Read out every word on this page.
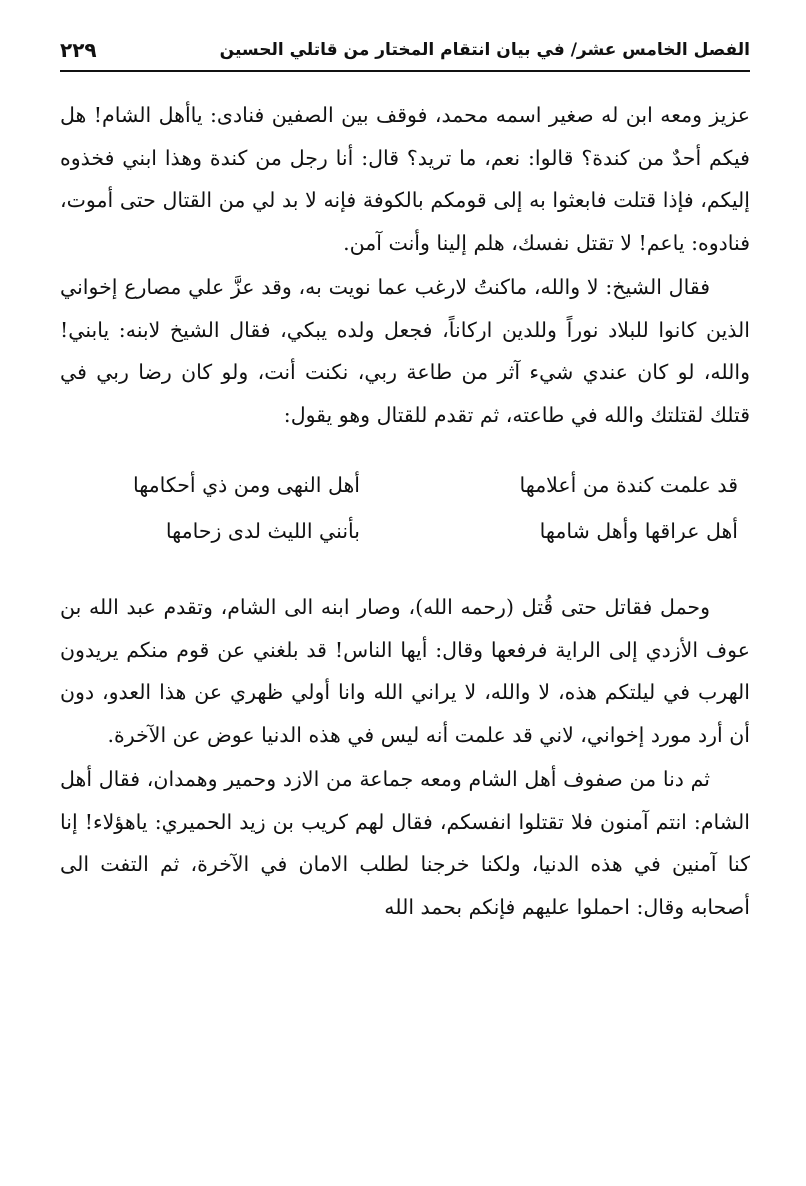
الفصل الخامس عشر/ في بيان انتقام المختار من قاتلي الحسين
٢٢٩

عزيز ومعه ابن له صغير اسمه محمد، فوقف بين الصفين فنادى: ياأهل الشام! هل فيكم أحدٌ من كندة؟ قالوا: نعم، ما تريد؟ قال: أنا رجل من كندة وهذا ابني فخذوه إليكم، فإذا قتلت فابعثوا به إلى قومكم بالكوفة فإنه لا بد لي من القتال حتى أموت، فنادوه: ياعم! لا تقتل نفسك، هلم إلينا وأنت آمن.

فقال الشيخ: لا والله، ماكنتُ لارغب عما نويت به، وقد عزَّ علي مصارع إخواني الذين كانوا للبلاد نوراً وللدين اركاناً، فجعل ولده يبكي، فقال الشيخ لابنه: يابني! والله، لو كان عندي شيء آثر من طاعة ربي، نكنت أنت، ولو كان رضا ربي في قتلك لقتلتك والله في طاعته، ثم تقدم للقتال وهو يقول:

قد علمت كندة من أعلامها
أهل النهى ومن ذي أحكامها
أهل عراقها وأهل شامها
بأنني الليث لدى زحامها

وحمل فقاتل حتى قُتل (رحمه الله)، وصار ابنه الى الشام، وتقدم عبد الله بن عوف الأزدي إلى الراية فرفعها وقال: أيها الناس! قد بلغني عن قوم منكم يريدون الهرب في ليلتكم هذه، لا والله، لا يراني الله وانا أولي ظهري عن هذا العدو، دون أن أرد مورد إخواني، لاني قد علمت أنه ليس في هذه الدنيا عوض عن الآخرة.

ثم دنا من صفوف أهل الشام ومعه جماعة من الازد وحمير وهمدان، فقال أهل الشام: انتم آمنون فلا تقتلوا انفسكم، فقال لهم كريب بن زيد الحميري: ياهؤلاء! إنا كنا آمنين في هذه الدنيا، ولكنا خرجنا لطلب الامان في الآخرة، ثم التفت الى أصحابه وقال: احملوا عليهم فإنكم بحمد الله
